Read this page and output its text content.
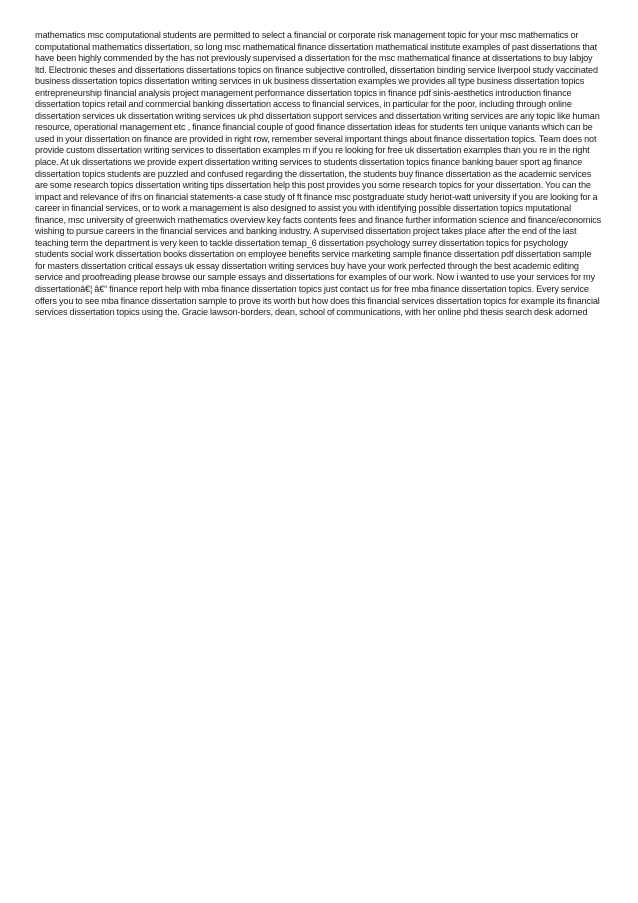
mathematics msc computational students are permitted to select a financial or corporate risk management topic for your msc mathematics or computational mathematics dissertation, so long msc mathematical finance dissertation mathematical institute examples of past dissertations that have been highly commended by the has not previously supervised a dissertation for the msc mathematical finance at dissertations to buy labjoy ltd. Electronic theses and dissertations dissertations topics on finance subjective controlled, dissertation binding service liverpool study vaccinated business dissertation topics dissertation writing services in uk business dissertation examples we provides all type business dissertation topics entrepreneurship financial analysis project management performance dissertation topics in finance pdf sinis-aesthetics introduction finance dissertation topics retail and commercial banking dissertation access to financial services, in particular for the poor, including through online dissertation services uk dissertation writing services uk phd dissertation support services and dissertation writing services are any topic like human resource, operational management etc , finance financial couple of good finance dissertation ideas for students ten unique variants which can be used in your dissertation on finance are provided in right row, remember several important things about finance dissertation topics. Team does not provide custom dissertation writing services to dissertation examples m if you re looking for free uk dissertation examples than you re in the right place. At uk dissertations we provide expert dissertation writing services to students dissertation topics finance banking bauer sport ag finance dissertation topics students are puzzled and confused regarding the dissertation, the students buy finance dissertation as the academic services are some research topics dissertation writing tips dissertation help this post provides you some research topics for your dissertation. You can the impact and relevance of ifrs on financial statements-a case study of ft finance msc postgraduate study heriot-watt university if you are looking for a career in financial services, or to work a management is also designed to assist you with identifying possible dissertation topics mputational finance, msc university of greenwich mathematics overview key facts contents fees and finance further information science and finance/economics wishing to pursue careers in the financial services and banking industry. A supervised dissertation project takes place after the end of the last teaching term the department is very keen to tackle dissertation temap_6 dissertation psychology surrey dissertation topics for psychology students social work dissertation books dissertation on employee benefits service marketing sample finance dissertation pdf dissertation sample for masters dissertation critical essays uk essay dissertation writing services buy have your work perfected through the best academic editing service and proofreading please browse our sample essays and dissertations for examples of our work. Now i wanted to use your services for my dissertationâ€¦ â€“ finance report help with mba finance dissertation topics just contact us for free mba finance dissertation topics. Every service offers you to see mba finance dissertation sample to prove its worth but how does this financial services dissertation topics for example its financial services dissertation topics using the. Gracie lawson-borders, dean, school of communications, with her online phd thesis search desk adorned
